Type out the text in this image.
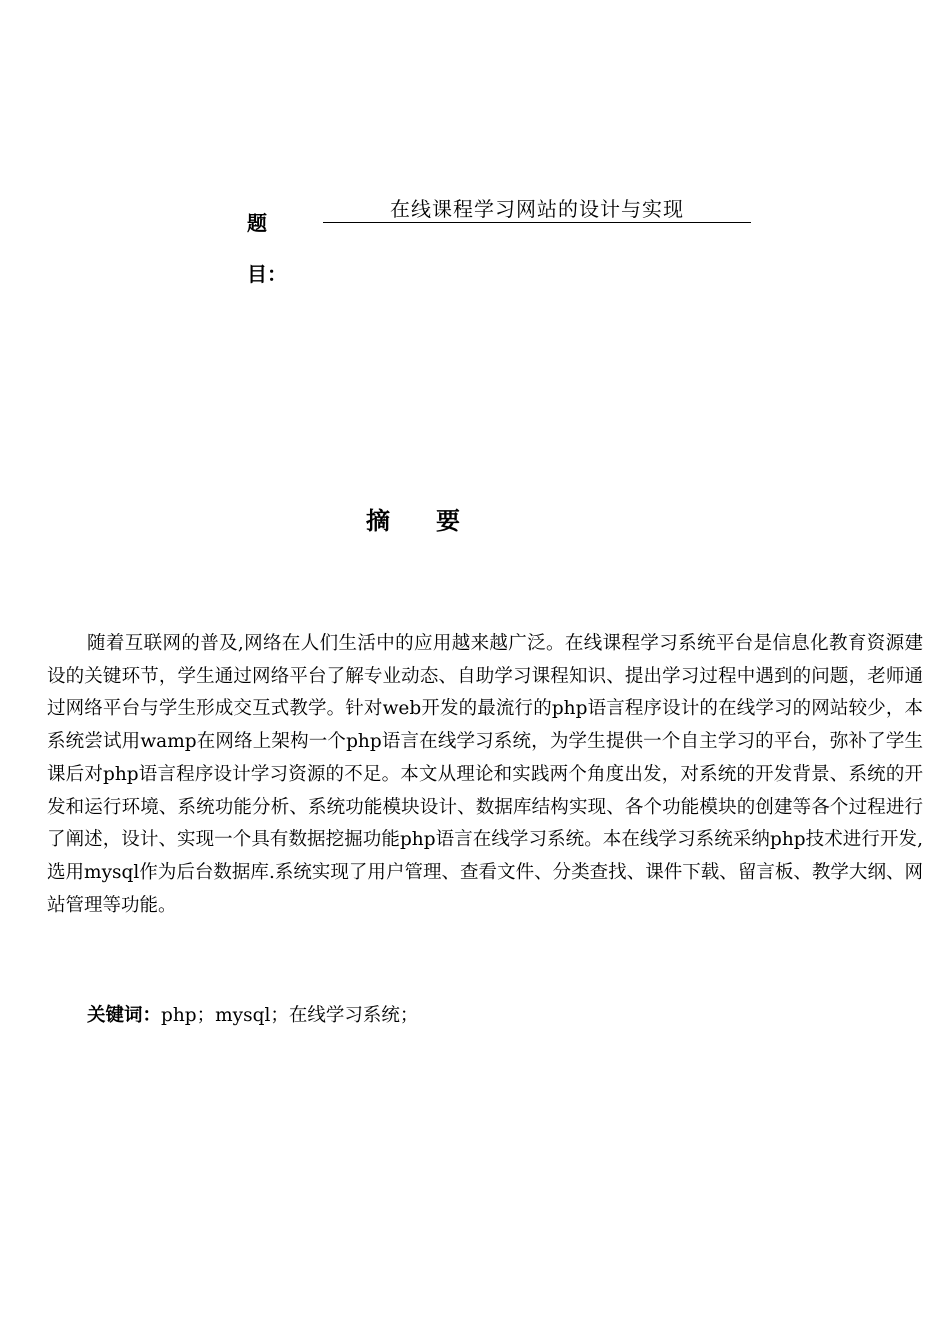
题
目：
在线课程学习网站的设计与实现
摘 要

随着互联网的普及,网络在人们生活中的应用越来越广泛。在线课程学习系统平台是信息化教育资源建设的关键环节，学生通过网络平台了解专业动态、自助学习课程知识、提出学习过程中遇到的问题，老师通过网络平台与学生形成交互式教学。针对web开发的最流行的php语言程序设计的在线学习的网站较少，本系统尝试用wamp在网络上架构一个php语言在线学习系统，为学生提供一个自主学习的平台，弥补了学生课后对php语言程序设计学习资源的不足。本文从理论和实践两个角度出发，对系统的开发背景、系统的开发和运行环境、系统功能分析、系统功能模块设计、数据库结构实现、各个功能模块的创建等各个过程进行了阐述，设计、实现一个具有数据挖掘功能php语言在线学习系统。本在线学习系统采纳php技术进行开发,选用mysql作为后台数据库.系统实现了用户管理、查看文件、分类查找、课件下载、留言板、教学大纲、网站管理等功能。

关键词：php；mysql；在线学习系统；
